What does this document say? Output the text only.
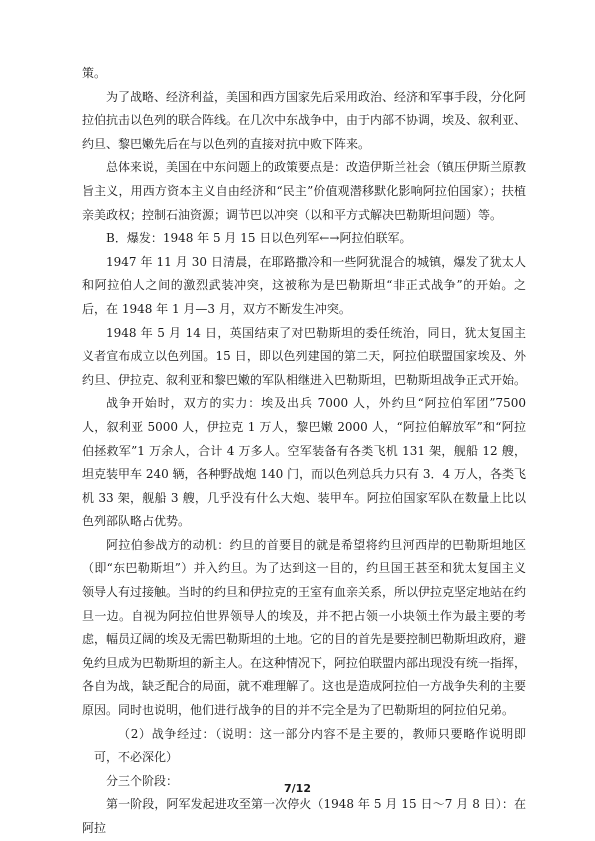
策。

为了战略、经济利益，美国和西方国家先后采用政治、经济和军事手段，分化阿拉伯抗击以色列的联合阵线。在几次中东战争中，由于内部不协调，埃及、叙利亚、约旦、黎巴嫩先后在与以色列的直接对抗中败下阵来。

总体来说，美国在中东问题上的政策要点是：改造伊斯兰社会（镇压伊斯兰原教旨主义，用西方资本主义自由经济和“民主”价值观潜移默化影响阿拉伯国家）；扶植亲美政权；控制石油资源；调节巴以冲突（以和平方式解决巴勒斯坦问题）等。

B．爆发：1948 年 5 月 15 日以色列军←→阿拉伯联军。

1947 年 11 月 30 日清晨，在耶路撒冷和一些阿犹混合的城镇，爆发了犹太人和阿拉伯人之间的激烈武装冲突，这被称为是巴勒斯坦“非正式战争”的开始。之后，在 1948 年 1 月—3 月，双方不断发生冲突。

1948 年 5 月 14 日，英国结束了对巴勒斯坦的委任统治，同日，犹太复国主义者宣布成立以色列国。15 日，即以色列建国的第二天，阿拉伯联盟国家埃及、外约旦、伊拉克、叙利亚和黎巴嫩的军队相继进入巴勒斯坦，巴勒斯坦战争正式开始。

战争开始时，双方的实力：埃及出兵 7000 人，外约旦“阿拉伯军团”7500 人，叙利亚 5000 人，伊拉克 1 万人，黎巴嫩 2000 人，“阿拉伯解放军”和“阿拉伯拯救军”1 万余人，合计 4 万多人。空军装备有各类飞机 131 架，舰船 12 艘，坦克装甲车 240 辆，各种野战炮 140 门，而以色列总兵力只有 3．4 万人，各类飞机 33 架，舰船 3 艘，几乎没有什么大炮、装甲车。阿拉伯国家军队在数量上比以色列部队略占优势。

阿拉伯参战方的动机：约旦的首要目的就是希望将约旦河西岸的巴勒斯坦地区（即“东巴勒斯坦”）并入约旦。为了达到这一目的，约旦国王甚至和犹太复国主义领导人有过接触。当时的约旦和伊拉克的王室有血亲关系，所以伊拉克坚定地站在约旦一边。自视为阿拉伯世界领导人的埃及，并不把占领一小块领土作为最主要的考虑，幅员辽阔的埃及无需巴勒斯坦的土地。它的目的首先是要控制巴勒斯坦政府，避免约旦成为巴勒斯坦的新主人。在这种情况下，阿拉伯联盟内部出现没有统一指挥，各自为战，缺乏配合的局面，就不难理解了。这也是造成阿拉伯一方战争失利的主要原因。同时也说明，他们进行战争的目的并不完全是为了巴勒斯坦的阿拉伯兄弟。

（2）战争经过：（说明：这一部分内容不是主要的，教师只要略作说明即可，不必深化）

分三个阶段：

第一阶段，阿军发起进攻至第一次停火（1948 年 5 月 15 日～7 月 8 日）：在阿拉

7/12
